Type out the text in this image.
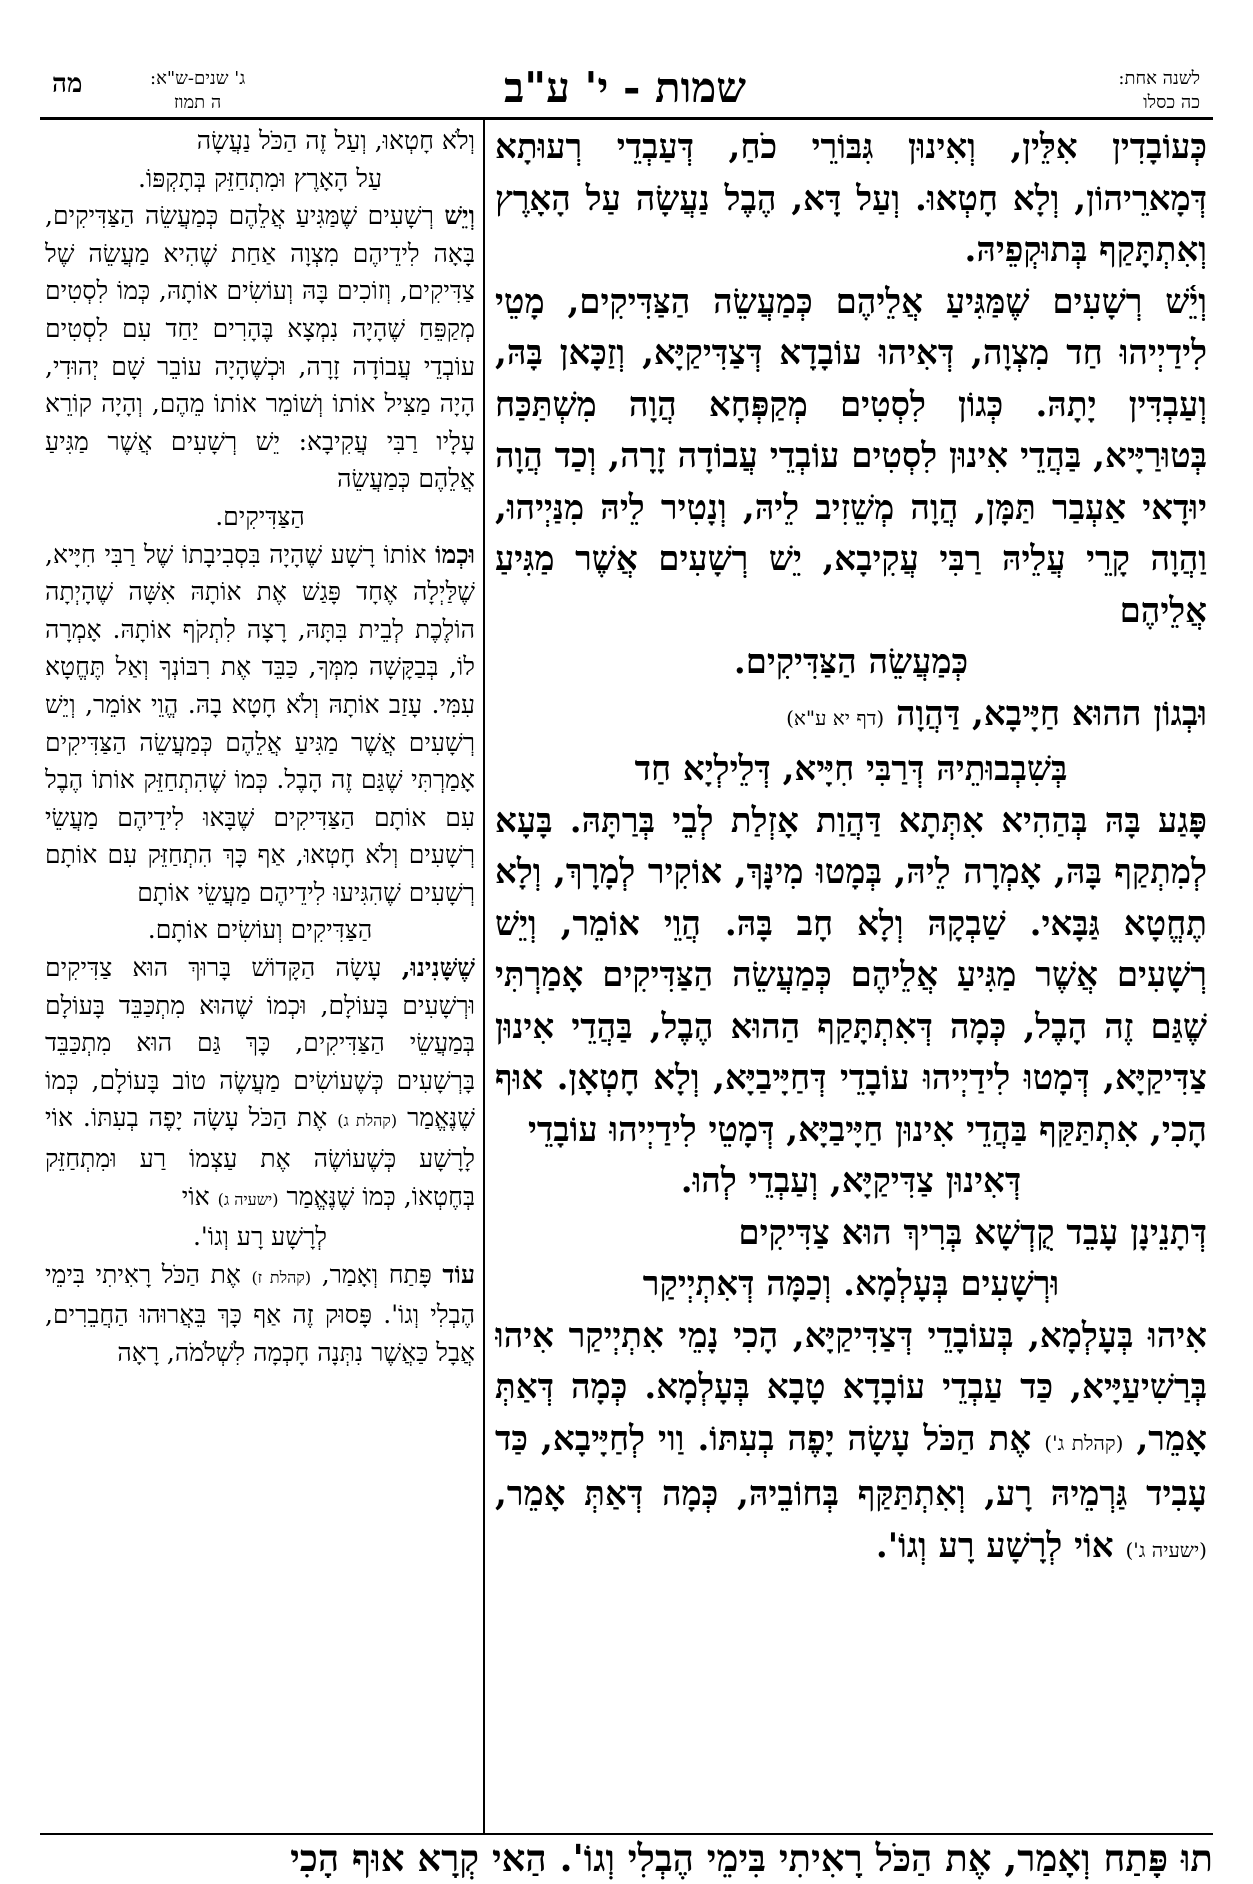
לשנה אחת:
כה כסלו
שמות - י' ע"ב
ג' שנים-ש"א:
ה תמוז
מה

כְּעוֹבָדִין אִלֵּין, וְאִינוּן גִּבּוֹרֵי כֹחַ, דְּעַבְדֵי רְעוּתָא דְּמָארֵיהוֹן, וְלָא חָטְאוּ. וְעַל דָּא, הֶבֶל נַעֲשָׂה עַל הָאָרֶץ וְאִתְתָּקַף בְּתוּקְפֵיהּ.

וְיֵ֫שׁ רְשָׁעִים שֶׁמַּגִּיעַ אֲלֵיהֶם כְּמַעֲשֵׂה הַצַּדִּיקִים, מָטֵי לִידַיְיהוּ חַד מִצְוָה, דְּאִיהוּ עוֹבָדָא דְּצַדִּיקַיָּא, וְזַכָּאן בָּהּ, וְעַבְדִּין יָתָהּ. כְּגוֹן לִסְטִים מְקַפְּחָא הֲוָה מִשְׁתַּכַּח בְּטוּרַיָּיא, בַּהֲדֵי אִינוּן לִסְטִים עוֹבְדֵי עֲבוֹדָה זָרָה, וְכַד הֲוָה יוּדָאי אַעְבַר תַּמָּן, הֲוָה מְשֵׁזִיב לֵיהּ, וְנָטִיר לֵיהּ מִנַּיְיהוּ, וַהֲוָה קָרֵי עֲלֵיהּ רַבִּי עֲקִיבָא, יֵשׁ רְשָׁעִים אֲשֶׁר מַגִּיעַ אֲלֵיהֶם

כְּמַעֲשֵׂה הַצַּדִּיקִים.

וּבְגוֹן ההוּא חַיָּיבָא, דַּהֲוָה (דף יא ע"א)

בְּשִׁבְבוּתֵיהּ דְּרַבִּי חִיָּיא, דְּלֵילְיָא חַד

פָּגַע בָּהּ בְּהַהִיא אִתְּתָא דַּהֲוַת אָזְלַת לְבֵי בְּרַתָּהּ. בָּעָא לְמִתְקַף בָּהּ, אָמְרָה לֵיהּ, בְּמָטוּ מִינָּךְ, אוֹקִיר לְמָרָךְ, וְלָא תֶחֱטָא גַּבָּאי. שַׁבְקָהּ וְלָא חָב בָּהּ. הֲוֵי אוֹמֵר, וְיֵשׁ רְשָׁעִים אֲשֶׁר מַגִּיעַ אֲלֵיהֶם כְּמַעֲשֵׂה הַצַּדִּיקִים אָמַרְתִּי שֶׁגַּם זֶה הָבֶל, כְּמָה דְּאִתְתָּקַף הַהוּא הֶבֶל, בַּהֲדֵי אִינוּן צַדִּיקַיָּא, דְּמָטוּ לִידַיְיהוּ עוֹבָדֵי דְּחַיָּיבַיָּא, וְלָא חָטְאָן. אוּף הָכִי, אִתְתַּקַּף בַּהֲדֵי אִינוּן חַיָּיבַיָּא, דְּמָטֵי לִידַיְיהוּ עוֹבָדֵי

דְּאִינוּן צַדִּיקַיָּא, וְעַבְדֵי לְהוּ.

דְּתָנֵינָן עָבֵד קֻדְשָׁא בְּרִיךְ הוּא צַדִּיקִים

וּרְשָׁעִים בְּעָלְמָא. וְכַמָּה דְּאִתְיְיקַר

אִיהוּ בְּעָלְמָא, בְּעוֹבָדֵי דְּצַדִּיקַיָּא, הָכִי נָמֵי אִתְיְיקַר אִיהוּ בְּרַשִׁיעַיָּיא, כַּד עַבְדֵי עוֹבָדָא טָבָא בְּעָלְמָא. כְּמָה דְּאַתְּ אָמֵר, (קהלת ג') אֶת הַכֹּל עָשָׂה יָפֶה בְעִתּוֹ. וַוי לְחַיָּיבָא, כַּד עָבִיד גַּרְמֵיהּ רָע, וְאִתְתַּקַּף בְּחוֹבֵיהּ, כְּמָה דְּאַתְּ אָמֵר, (ישעיה ג') אוֹי לְרָשָׁע רָע וְגוֹ'.

וְלֹא חָטְאוּ, וְעַל זֶה הַכֹּל נַעֲשָׂה

עַל הָאָרֶץ וּמִתְחַזֵּק בְּתָקְפּוֹ.

וְיֵשׁ רְשָׁעִים שֶׁמַּגִּיעַ אֲלֵהֶם כְּמַעֲשֵׂה הַצַּדִּיקִים, בָּאָה לִידֵיהֶם מִצְוָה אַחַת שֶׁהִיא מַעֲשֵׂה שֶׁל צַדִּיקִים, וְזוֹכִים בָּהּ וְעוֹשִׂים אוֹתָהּ, כְּמוֹ לִסְטִים מְקַפֵּחַ שֶׁהָיָה נִמְצָא בֶּהָרִים יַחַד עִם לִסְטִים עוֹבְדֵי עֲבוֹדָה זָרָה, וּכְשֶׁהָיָה עוֹבֵר שָׁם יְהוּדִי, הָיָה מַצִּיל אוֹתוֹ וְשׁוֹמֵר אוֹתוֹ מֵהֶם, וְהָיָה קוֹרֵא עָלָיו רַבִּי עֲקִיבָא: יֵשׁ רְשָׁעִים אֲשֶׁר מַגִּיעַ אֲלֵהֶם כְּמַעֲשֵׂה

הַצַּדִּיקִים.

וּכְמוֹ אוֹתוֹ רָשָׁע שֶׁהָיָה בִּסְבִיבָתוֹ שֶׁל רַבִּי חִיָּיא, שֶׁלַּיְלָה אֶחָד פָּגַשׁ אֶת אוֹתָהּ אִשָּׁה שֶׁהָיְתָה הוֹלֶכֶת לְבֵית בִּתָּהּ, רָצָה לִתְקֹף אוֹתָהּ. אָמְרָה לוֹ, בְּבַקָּשָׁה מִמְּךָ, כַּבֵּד אֶת רִבּוֹנְךָ וְאַל תֶּחֱטָא עִמִּי. עָזַב אוֹתָהּ וְלֹא חָטָא בָהּ. הֱוֵי אוֹמֵר, וְיֵשׁ רְשָׁעִים אֲשֶׁר מַגִּיעַ אֲלֵהֶם כְּמַעֲשֵׂה הַצַּדִּיקִים אָמַרְתִּי שֶׁגַּם זֶה הָבֶל. כְּמוֹ שֶׁהִתְחַזֵּק אוֹתוֹ הֶבֶל עִם אוֹתָם הַצַּדִּיקִים שֶׁבָּאוּ לִידֵיהֶם מַעֲשֵׂי רְשָׁעִים וְלֹא חָטְאוּ, אַף כָּךְ הִתְחַזֵּק עִם אוֹתָם רְשָׁעִים שֶׁהִגִּיעוּ לִידֵיהֶם מַעֲשֵׂי אוֹתָם

הַצַּדִּיקִים וְעוֹשִׂים אוֹתָם.

שֶׁשָּׁנִינוּ, עָשָׂה הַקָּדוֹשׁ בָּרוּךְ הוּא צַדִּיקִים וּרְשָׁעִים בָּעוֹלָם, וּכְמוֹ שֶׁהוּא מִתְכַּבֵּד בָּעוֹלָם בְּמַעֲשֵׂי הַצַּדִּיקִים, כָּךְ גַּם הוּא מִתְכַּבֵּד בָּרְשָׁעִים כְּשֶׁעוֹשִׂים מַעֲשֶׂה טוֹב בָּעוֹלָם, כְּמוֹ שֶׁנֶּאֱמַר (קהלת ג) אֶת הַכֹּל עָשָׂה יָפֶה בְעִתּוֹ. אוֹי לָרָשָׁע כְּשֶׁעוֹשֶׂה אֶת עַצְמוֹ רַע וּמִתְחַזֵּק בְּחֶטְאוֹ, כְּמוֹ שֶׁנֶּאֱמַר (ישעיה ג) אוֹי

לְרָשָׁע רָע וְגוֹ'.

עוֹד פָּתַח וְאָמַר, (קהלת ז) אֶת הַכֹּל רָאִיתִי בִּימֵי הֶבְלִי וְגוֹ'. פָּסוּק זֶה אַף כָּךְ בֵּאֲרוּהוּ הַחֲבֵרִים, אֲבָל כַּאֲשֶׁר נִתְּנָה חָכְמָה לִשְׁלֹמֹה, רָאָה

תוּ פָּתַח וְאָמַר, אֶת הַכֹּל רָאִיתִי בִּימֵי הֶבְלִי וְגוֹ'. הַאי קְרָא אוּף הָכִי
